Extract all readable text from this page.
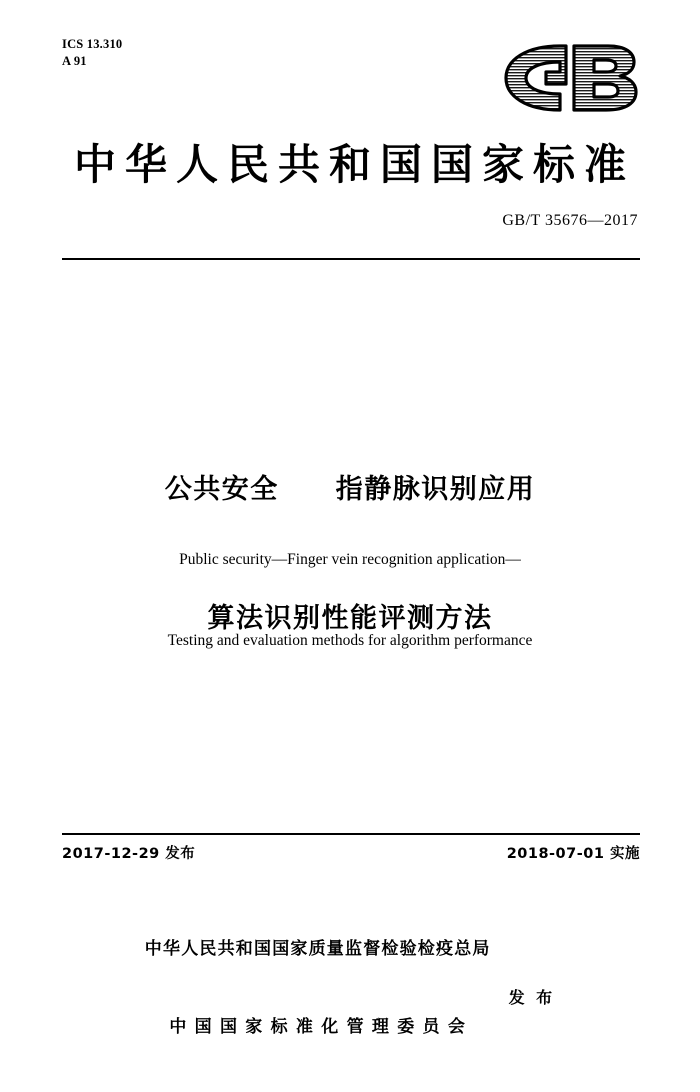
ICS 13.310
A 91
中华人民共和国国家标准
GB/T 35676—2017

公共安全　　指静脉识别应用

算法识别性能评测方法

Public security—Finger vein recognition application—

Testing and evaluation methods for algorithm performance

2017-12-29 发布	2018-07-01 实施

中华人民共和国国家质量监督检验检疫总局

中 国 国 家 标 准 化 管 理 委 员 会

发 布
